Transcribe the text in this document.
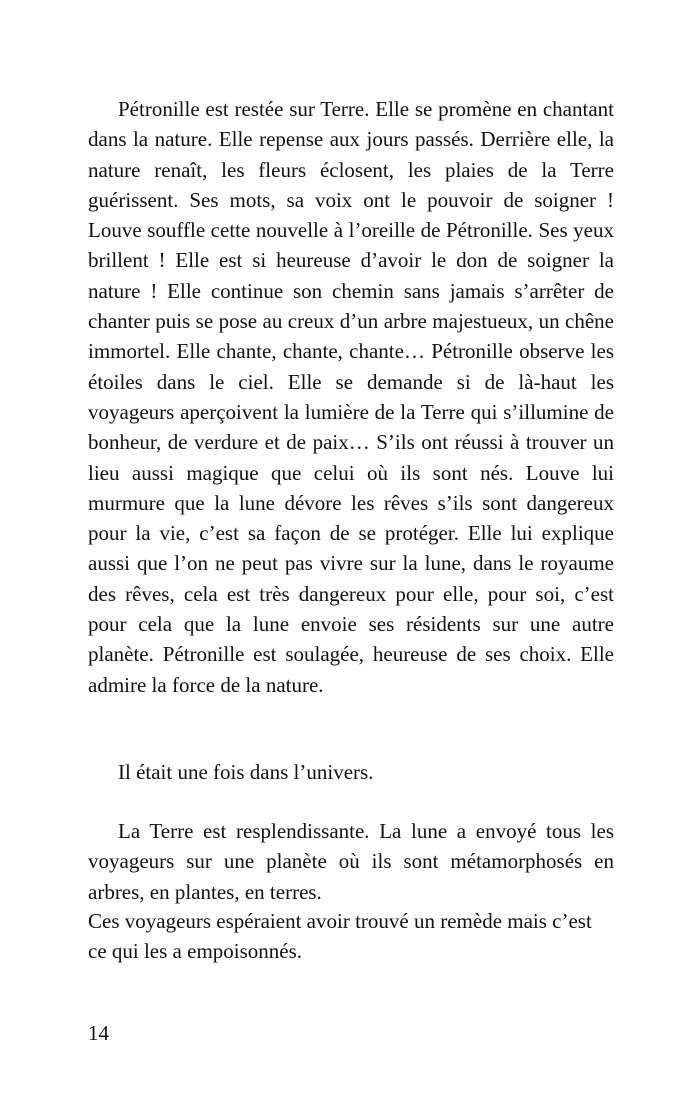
Pétronille est restée sur Terre. Elle se promène en chantant dans la nature. Elle repense aux jours passés. Derrière elle, la nature renaît, les fleurs éclosent, les plaies de la Terre guérissent. Ses mots, sa voix ont le pouvoir de soigner ! Louve souffle cette nouvelle à l’oreille de Pétronille. Ses yeux brillent ! Elle est si heureuse d’avoir le don de soigner la nature ! Elle continue son chemin sans jamais s’arrêter de chanter puis se pose au creux d’un arbre majestueux, un chêne immortel. Elle chante, chante, chante… Pétronille observe les étoiles dans le ciel. Elle se demande si de là-haut les voyageurs aperçoivent la lumière de la Terre qui s’illumine de bonheur, de verdure et de paix… S’ils ont réussi à trouver un lieu aussi magique que celui où ils sont nés. Louve lui murmure que la lune dévore les rêves s’ils sont dangereux pour la vie, c’est sa façon de se protéger. Elle lui explique aussi que l’on ne peut pas vivre sur la lune, dans le royaume des rêves, cela est très dangereux pour elle, pour soi, c’est pour cela que la lune envoie ses résidents sur une autre planète. Pétronille est soulagée, heureuse de ses choix. Elle admire la force de la nature.

Il était une fois dans l’univers.

La Terre est resplendissante. La lune a envoyé tous les voyageurs sur une planète où ils sont métamorphosés en arbres, en plantes, en terres.

Ces voyageurs espéraient avoir trouvé un remède mais c’est ce qui les a empoisonnés.

14
